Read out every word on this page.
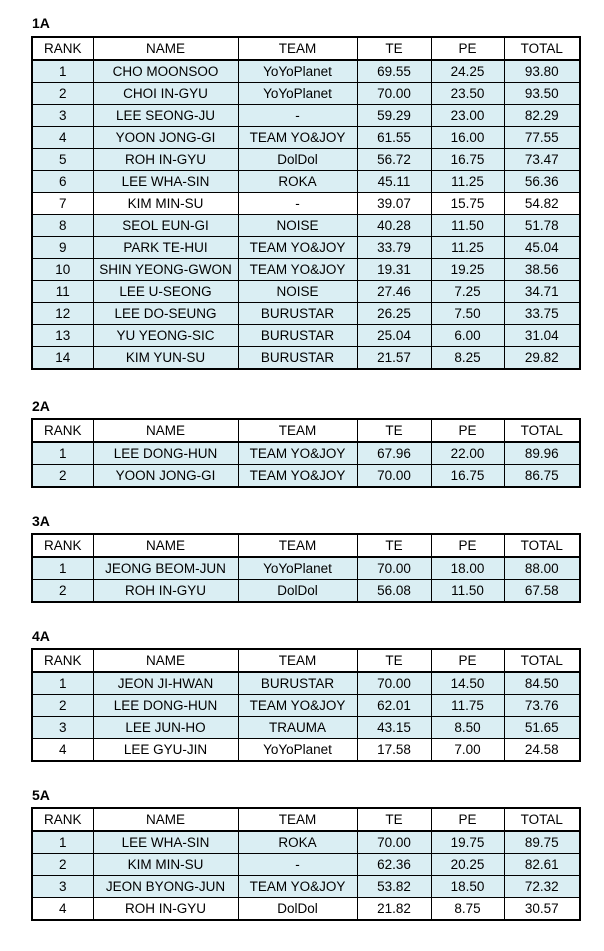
1A
RANK	NAME	TEAM	TE	PE	TOTAL
1	CHO MOONSOO	YoYoPlanet	69.55	24.25	93.80
2	CHOI IN-GYU	YoYoPlanet	70.00	23.50	93.50
3	LEE SEONG-JU	-	59.29	23.00	82.29
4	YOON JONG-GI	TEAM YO&JOY	61.55	16.00	77.55
5	ROH IN-GYU	DolDol	56.72	16.75	73.47
6	LEE WHA-SIN	ROKA	45.11	11.25	56.36
7	KIM MIN-SU	-	39.07	15.75	54.82
8	SEOL EUN-GI	NOISE	40.28	11.50	51.78
9	PARK TE-HUI	TEAM YO&JOY	33.79	11.25	45.04
10	SHIN YEONG-GWON	TEAM YO&JOY	19.31	19.25	38.56
11	LEE U-SEONG	NOISE	27.46	7.25	34.71
12	LEE DO-SEUNG	BURUSTAR	26.25	7.50	33.75
13	YU YEONG-SIC	BURUSTAR	25.04	6.00	31.04
14	KIM YUN-SU	BURUSTAR	21.57	8.25	29.82
2A
RANK	NAME	TEAM	TE	PE	TOTAL
1	LEE DONG-HUN	TEAM YO&JOY	67.96	22.00	89.96
2	YOON JONG-GI	TEAM YO&JOY	70.00	16.75	86.75
3A
RANK	NAME	TEAM	TE	PE	TOTAL
1	JEONG BEOM-JUN	YoYoPlanet	70.00	18.00	88.00
2	ROH IN-GYU	DolDol	56.08	11.50	67.58
4A
RANK	NAME	TEAM	TE	PE	TOTAL
1	JEON JI-HWAN	BURUSTAR	70.00	14.50	84.50
2	LEE DONG-HUN	TEAM YO&JOY	62.01	11.75	73.76
3	LEE JUN-HO	TRAUMA	43.15	8.50	51.65
4	LEE GYU-JIN	YoYoPlanet	17.58	7.00	24.58
5A
RANK	NAME	TEAM	TE	PE	TOTAL
1	LEE WHA-SIN	ROKA	70.00	19.75	89.75
2	KIM MIN-SU	-	62.36	20.25	82.61
3	JEON BYONG-JUN	TEAM YO&JOY	53.82	18.50	72.32
4	ROH IN-GYU	DolDol	21.82	8.75	30.57
